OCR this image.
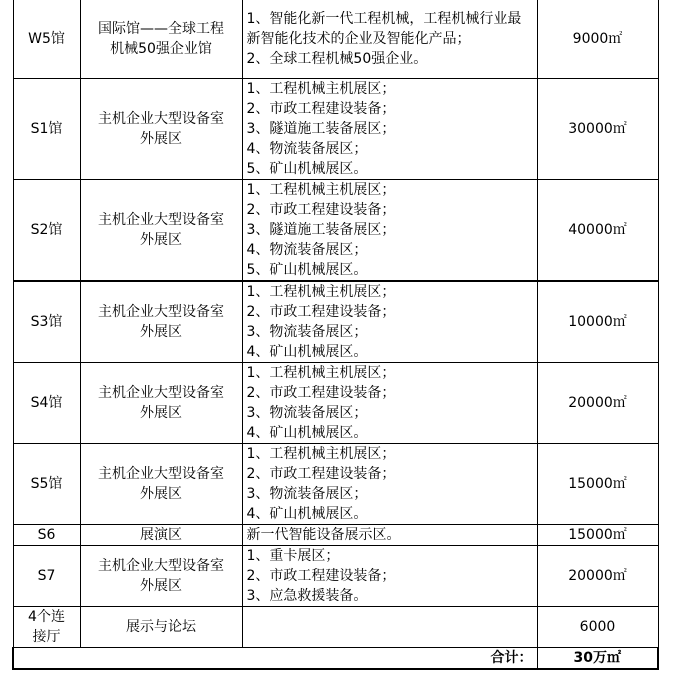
W5馆	国际馆——全球工程机械50强企业馆	1、智能化新一代工程机械，工程机械行业最新智能化技术的企业及智能化产品；
2、全球工程机械50强企业。	9000㎡
S1馆	主机企业大型设备室外展区	1、工程机械主机展区；
2、市政工程建设装备；
3、隧道施工装备展区；
4、物流装备展区；
5、矿山机械展区。	30000㎡
S2馆	主机企业大型设备室外展区	1、工程机械主机展区；
2、市政工程建设装备；
3、隧道施工装备展区；
4、物流装备展区；
5、矿山机械展区。	40000㎡
S3馆	主机企业大型设备室外展区	1、工程机械主机展区；
2、市政工程建设装备；
3、物流装备展区；
4、矿山机械展区。	10000㎡
S4馆	主机企业大型设备室外展区	1、工程机械主机展区；
2、市政工程建设装备；
3、物流装备展区；
4、矿山机械展区。	20000㎡
S5馆	主机企业大型设备室外展区	1、工程机械主机展区；
2、市政工程建设装备；
3、物流装备展区；
4、矿山机械展区。	15000㎡
S6	展演区	新一代智能设备展示区。	15000㎡
S7	主机企业大型设备室外展区	1、重卡展区；
2、市政工程建设装备；
3、应急救援装备。	20000㎡
4个连接厅	展示与论坛		6000
合计：			30万㎡
